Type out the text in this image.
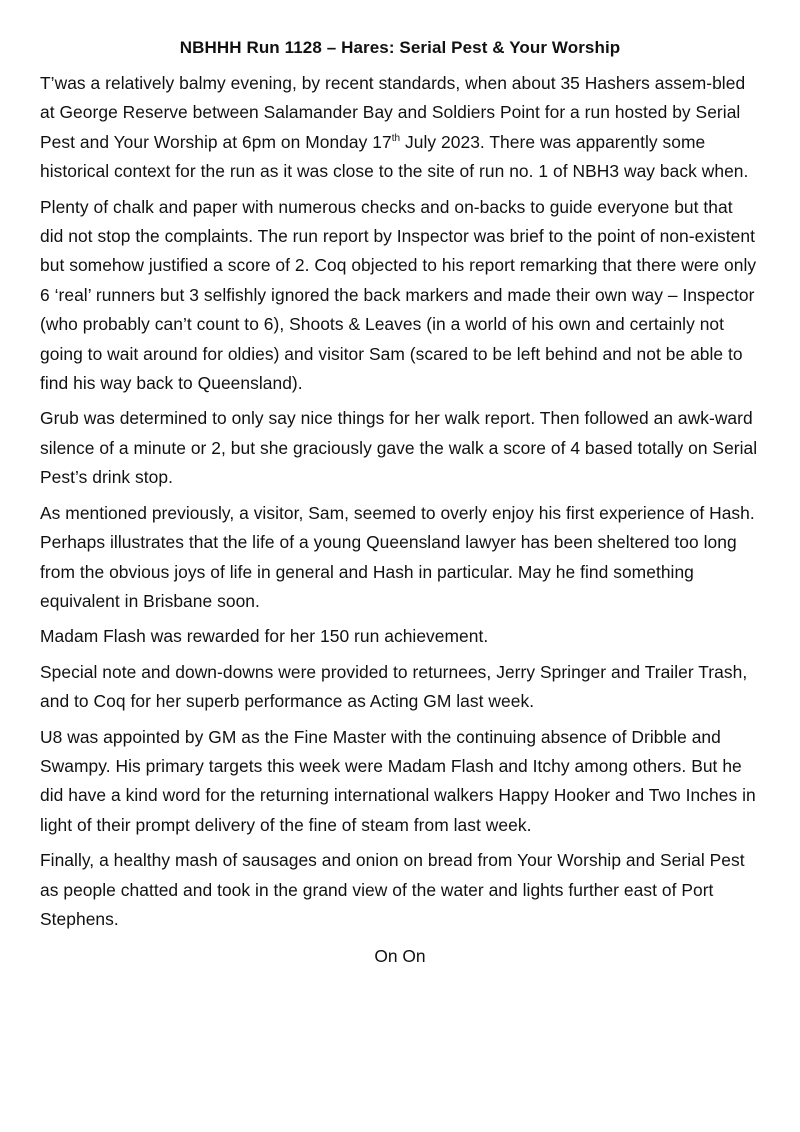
NBHHH Run 1128 – Hares: Serial Pest & Your Worship

T’was a relatively balmy evening, by recent standards, when about 35 Hashers assem-bled at George Reserve between Salamander Bay and Soldiers Point for a run hosted by Serial Pest and Your Worship at 6pm on Monday 17th July 2023. There was apparently some historical context for the run as it was close to the site of run no. 1 of NBH3 way back when.

Plenty of chalk and paper with numerous checks and on-backs to guide everyone but that did not stop the complaints. The run report by Inspector was brief to the point of non-existent but somehow justified a score of 2. Coq objected to his report remarking that there were only 6 ‘real’ runners but 3 selfishly ignored the back markers and made their own way – Inspector (who probably can’t count to 6), Shoots & Leaves (in a world of his own and certainly not going to wait around for oldies) and visitor Sam (scared to be left behind and not be able to find his way back to Queensland).

Grub was determined to only say nice things for her walk report. Then followed an awk-ward silence of a minute or 2, but she graciously gave the walk a score of 4 based totally on Serial Pest’s drink stop.

As mentioned previously, a visitor, Sam, seemed to overly enjoy his first experience of Hash. Perhaps illustrates that the life of a young Queensland lawyer has been sheltered too long from the obvious joys of life in general and Hash in particular. May he find something equivalent in Brisbane soon.

Madam Flash was rewarded for her 150 run achievement.

Special note and down-downs were provided to returnees, Jerry Springer and Trailer Trash, and to Coq for her superb performance as Acting GM last week.

U8 was appointed by GM as the Fine Master with the continuing absence of Dribble and Swampy. His primary targets this week were Madam Flash and Itchy among others. But he did have a kind word for the returning international walkers Happy Hooker and Two Inches in light of their prompt delivery of the fine of steam from last week.

Finally, a healthy mash of sausages and onion on bread from Your Worship and Serial Pest as people chatted and took in the grand view of the water and lights further east of Port Stephens.

On On
